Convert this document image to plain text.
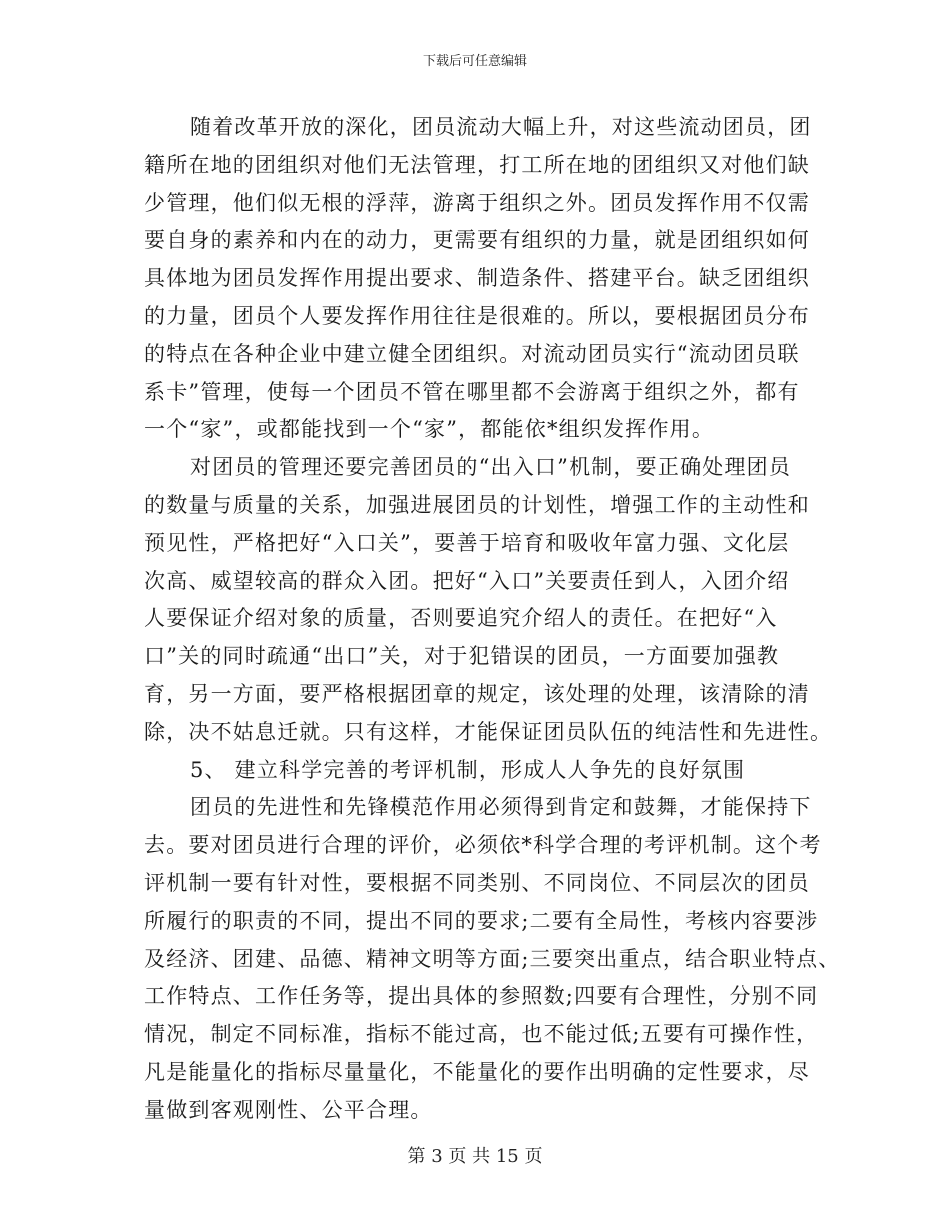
下载后可任意编辑
随着改革开放的深化，团员流动大幅上升，对这些流动团员，团
籍所在地的团组织对他们无法管理，打工所在地的团组织又对他们缺
少管理，他们似无根的浮萍，游离于组织之外。团员发挥作用不仅需
要自身的素养和内在的动力，更需要有组织的力量，就是团组织如何
具体地为团员发挥作用提出要求、制造条件、搭建平台。缺乏团组织
的力量，团员个人要发挥作用往往是很难的。所以，要根据团员分布
的特点在各种企业中建立健全团组织。对流动团员实行“流动团员联
系卡”管理，使每一个团员不管在哪里都不会游离于组织之外，都有
一个“家”，或都能找到一个“家”，都能依*组织发挥作用。
对团员的管理还要完善团员的“出入口”机制，要正确处理团员
的数量与质量的关系，加强进展团员的计划性，增强工作的主动性和
预见性，严格把好“入口关”，要善于培育和吸收年富力强、文化层
次高、威望较高的群众入团。把好“入口”关要责任到人，入团介绍
人要保证介绍对象的质量，否则要追究介绍人的责任。在把好“入
口”关的同时疏通“出口”关，对于犯错误的团员，一方面要加强教
育，另一方面，要严格根据团章的规定，该处理的处理，该清除的清
除，决不姑息迁就。只有这样，才能保证团员队伍的纯洁性和先进性。
5、 建立科学完善的考评机制，形成人人争先的良好氛围
团员的先进性和先锋模范作用必须得到肯定和鼓舞，才能保持下
去。要对团员进行合理的评价，必须依*科学合理的考评机制。这个考
评机制一要有针对性，要根据不同类别、不同岗位、不同层次的团员
所履行的职责的不同，提出不同的要求;二要有全局性，考核内容要涉
及经济、团建、品德、精神文明等方面;三要突出重点，结合职业特点、
工作特点、工作任务等，提出具体的参照数;四要有合理性，分别不同
情况，制定不同标准，指标不能过高，也不能过低;五要有可操作性，
凡是能量化的指标尽量量化，不能量化的要作出明确的定性要求，尽
量做到客观刚性、公平合理。
第 3 页 共 15 页
